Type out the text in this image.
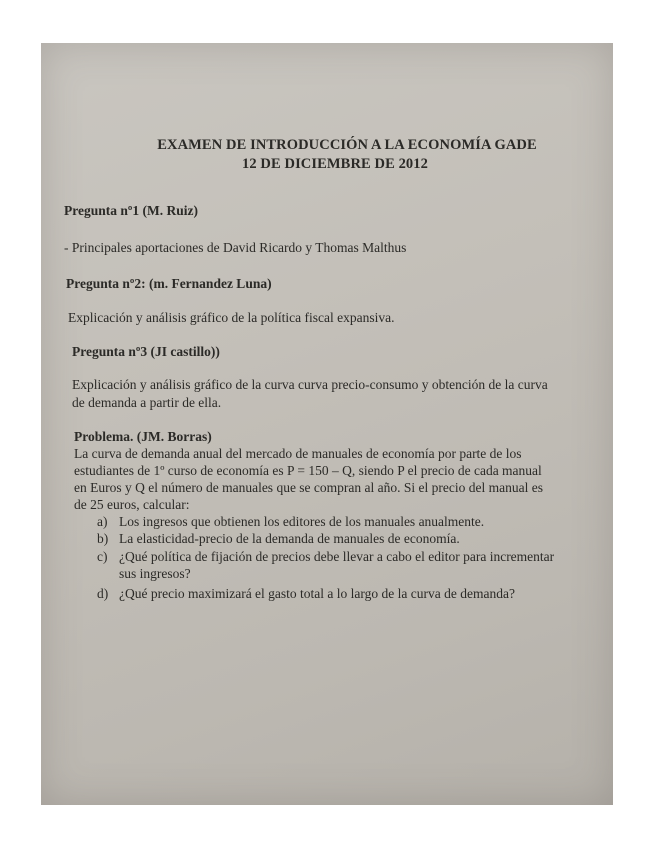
EXAMEN DE INTRODUCCIÓN A LA ECONOMÍA GADE
12 DE DICIEMBRE DE 2012
Pregunta nº1 (M. Ruiz)
- Principales aportaciones de David Ricardo y Thomas Malthus
Pregunta nº2: (m. Fernandez Luna)
Explicación y análisis gráfico de la política fiscal expansiva.
Pregunta nº3 (JI castillo))
Explicación y análisis gráfico de la curva curva precio-consumo y obtención de la curva
de demanda a partir de ella.
Problema. (JM. Borras)
La curva de demanda anual del mercado de manuales de economía por parte de los
estudiantes de 1º curso de economía es P = 150 – Q, siendo P el precio de cada manual
en Euros y Q el número de manuales que se compran al año. Si el precio del manual es
de 25 euros, calcular:
a) Los ingresos que obtienen los editores de los manuales anualmente.
b) La elasticidad-precio de la demanda de manuales de economía.
c) ¿Qué política de fijación de precios debe llevar a cabo el editor para incrementar
sus ingresos?
d) ¿Qué precio maximizará el gasto total a lo largo de la curva de demanda?
